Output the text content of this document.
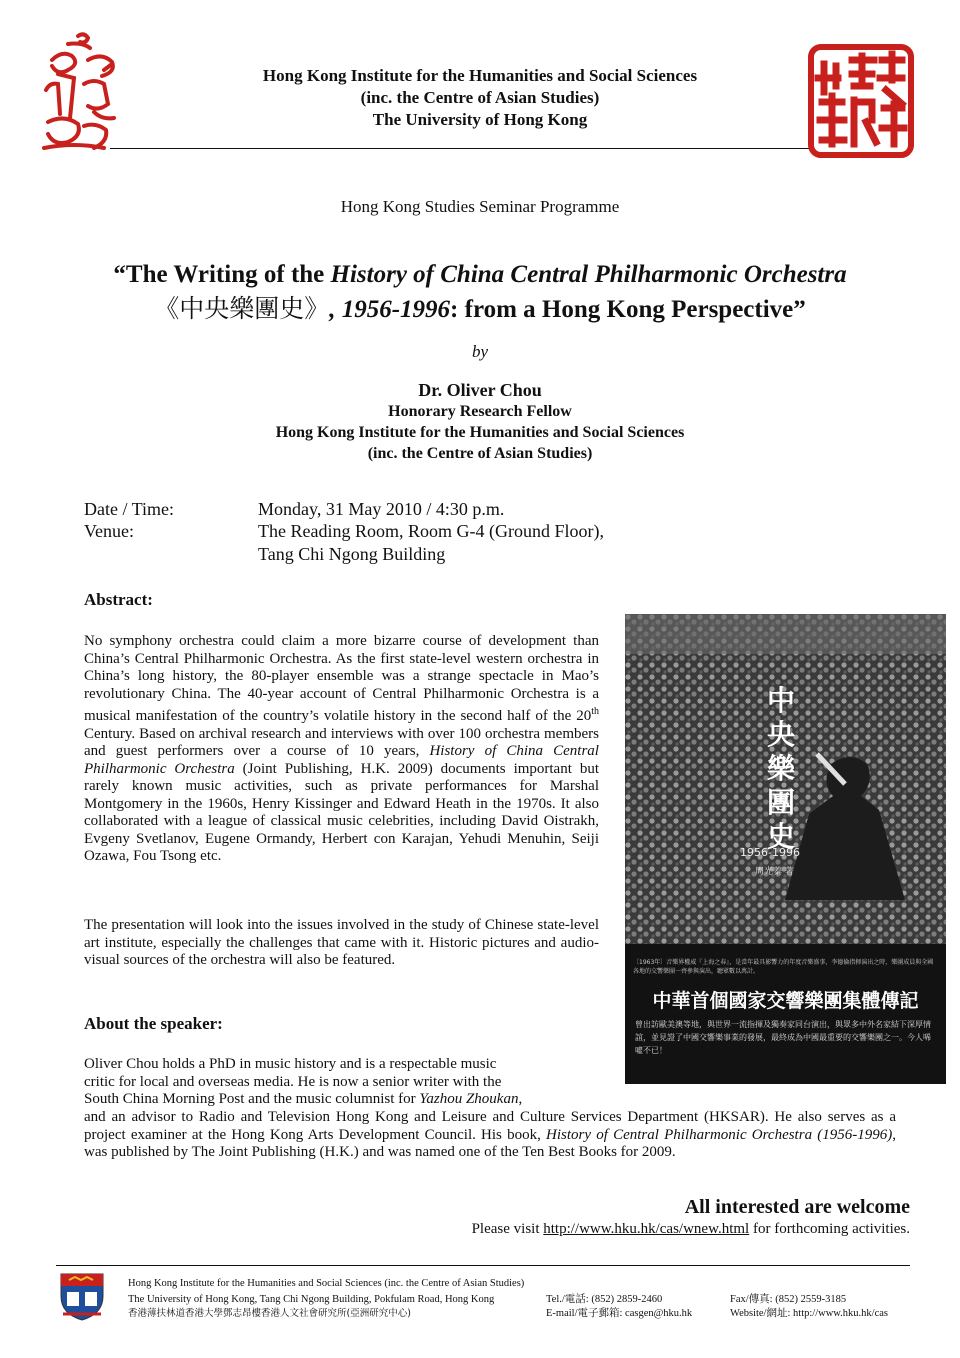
Hong Kong Institute for the Humanities and Social Sciences
(inc. the Centre of Asian Studies)
The University of Hong Kong
Hong Kong Studies Seminar Programme
“The Writing of the History of China Central Philharmonic Orchestra
《中央樂團史》, 1956-1996: from a Hong Kong Perspective”
by
Dr. Oliver Chou
Honorary Research Fellow
Hong Kong Institute for the Humanities and Social Sciences
(inc. the Centre of Asian Studies)
Date / Time:	Monday, 31 May 2010 / 4:30 p.m.
Venue:	The Reading Room, Room G-4 (Ground Floor),
Tang Chi Ngong Building
Abstract:
No symphony orchestra could claim a more bizarre course of development than China’s Central Philharmonic Orchestra. As the first state-level western orchestra in China’s long history, the 80-player ensemble was a strange spectacle in Mao’s revolutionary China. The 40-year account of Central Philharmonic Orchestra is a musical manifestation of the country’s volatile history in the second half of the 20th Century. Based on archival research and interviews with over 100 orchestra members and guest performers over a course of 10 years, History of China Central Philharmonic Orchestra (Joint Publishing, H.K. 2009) documents important but rarely known music activities, such as private performances for Marshal Montgomery in the 1960s, Henry Kissinger and Edward Heath in the 1970s. It also collaborated with a league of classical music celebrities, including David Oistrakh, Evgeny Svetlanov, Eugene Ormandy, Herbert con Karajan, Yehudi Menuhin, Seiji Ozawa, Fou Tsong etc.
The presentation will look into the issues involved in the study of Chinese state-level art institute, especially the challenges that came with it. Historic pictures and audio-visual sources of the orchestra will also be featured.
中
央
樂
團
史
1956-1996
周光蓁 著
〔1963年〕音樂界權威『上海之春』，是當年最具影響力的年度音樂盛事，李德倫指揮演出之時，樂團成員與全國各地的交響樂團一齊參與演出，聽眾數以萬計。
中華首個國家交響樂團集體傳記
曾出訪歐美澳等地，與世界一流指揮及獨奏家同台演出，與眾多中外名家結下深厚情誼，並見證了中國交響樂事業的發展，最終成為中國最重要的交響樂團之一。今人唏噓不已！
About the speaker:
Oliver Chou holds a PhD in music history and is a respectable music
critic for local and overseas media. He is now a senior writer with the
South China Morning Post and the music columnist for Yazhou Zhoukan,
and an advisor to Radio and Television Hong Kong and Leisure and Culture Services Department (HKSAR). He also serves as a project examiner at the Hong Kong Arts Development Council. His book, History of Central Philharmonic Orchestra (1956-1996), was published by The Joint Publishing (H.K.) and was named one of the Ten Best Books for 2009.
All interested are welcome
Please visit http://www.hku.hk/cas/wnew.html for forthcoming activities.
Hong Kong Institute for the Humanities and Social Sciences (inc. the Centre of Asian Studies)
The University of Hong Kong, Tang Chi Ngong Building, Pokfulam Road, Hong Kong
香港薄扶林道香港大學鄧志昂樓香港人文社會研究所(亞洲研究中心)
Tel./電話: (852) 2859-2460
E-mail/電子郵箱: casgen@hku.hk
Fax/傳真: (852) 2559-3185
Website/網址: http://www.hku.hk/cas
